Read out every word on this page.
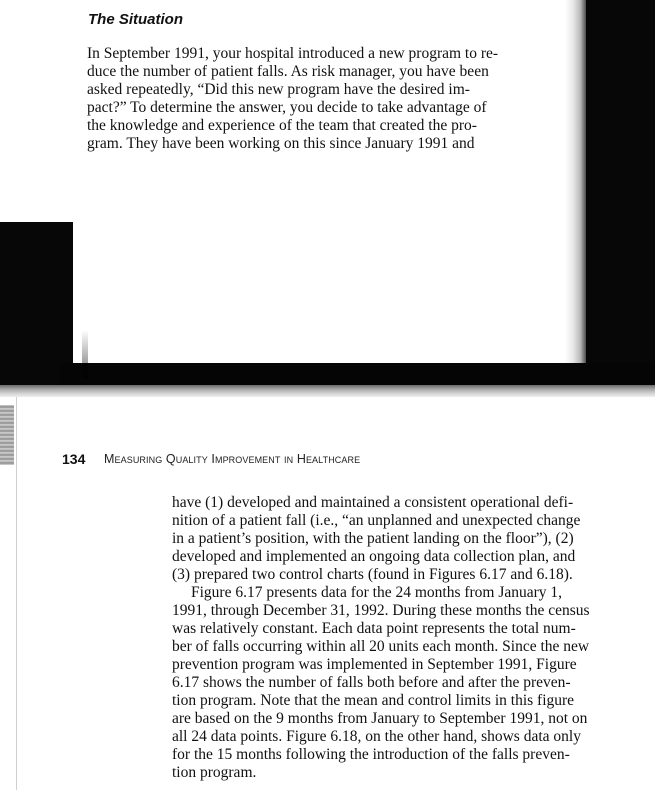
The Situation
In September 1991, your hospital introduced a new program to re-
duce the number of patient falls. As risk manager, you have been
asked repeatedly, “Did this new program have the desired im-
pact?” To determine the answer, you decide to take advantage of
the knowledge and experience of the team that created the pro-
gram. They have been working on this since January 1991 and
134 Measuring Quality Improvement in Healthcare
have (1) developed and maintained a consistent operational defi-
nition of a patient fall (i.e., “an unplanned and unexpected change
in a patient’s position, with the patient landing on the floor”), (2)
developed and implemented an ongoing data collection plan, and
(3) prepared two control charts (found in Figures 6.17 and 6.18).
Figure 6.17 presents data for the 24 months from January 1,
1991, through December 31, 1992. During these months the census
was relatively constant. Each data point represents the total num-
ber of falls occurring within all 20 units each month. Since the new
prevention program was implemented in September 1991, Figure
6.17 shows the number of falls both before and after the preven-
tion program. Note that the mean and control limits in this figure
are based on the 9 months from January to September 1991, not on
all 24 data points. Figure 6.18, on the other hand, shows data only
for the 15 months following the introduction of the falls preven-
tion program.
